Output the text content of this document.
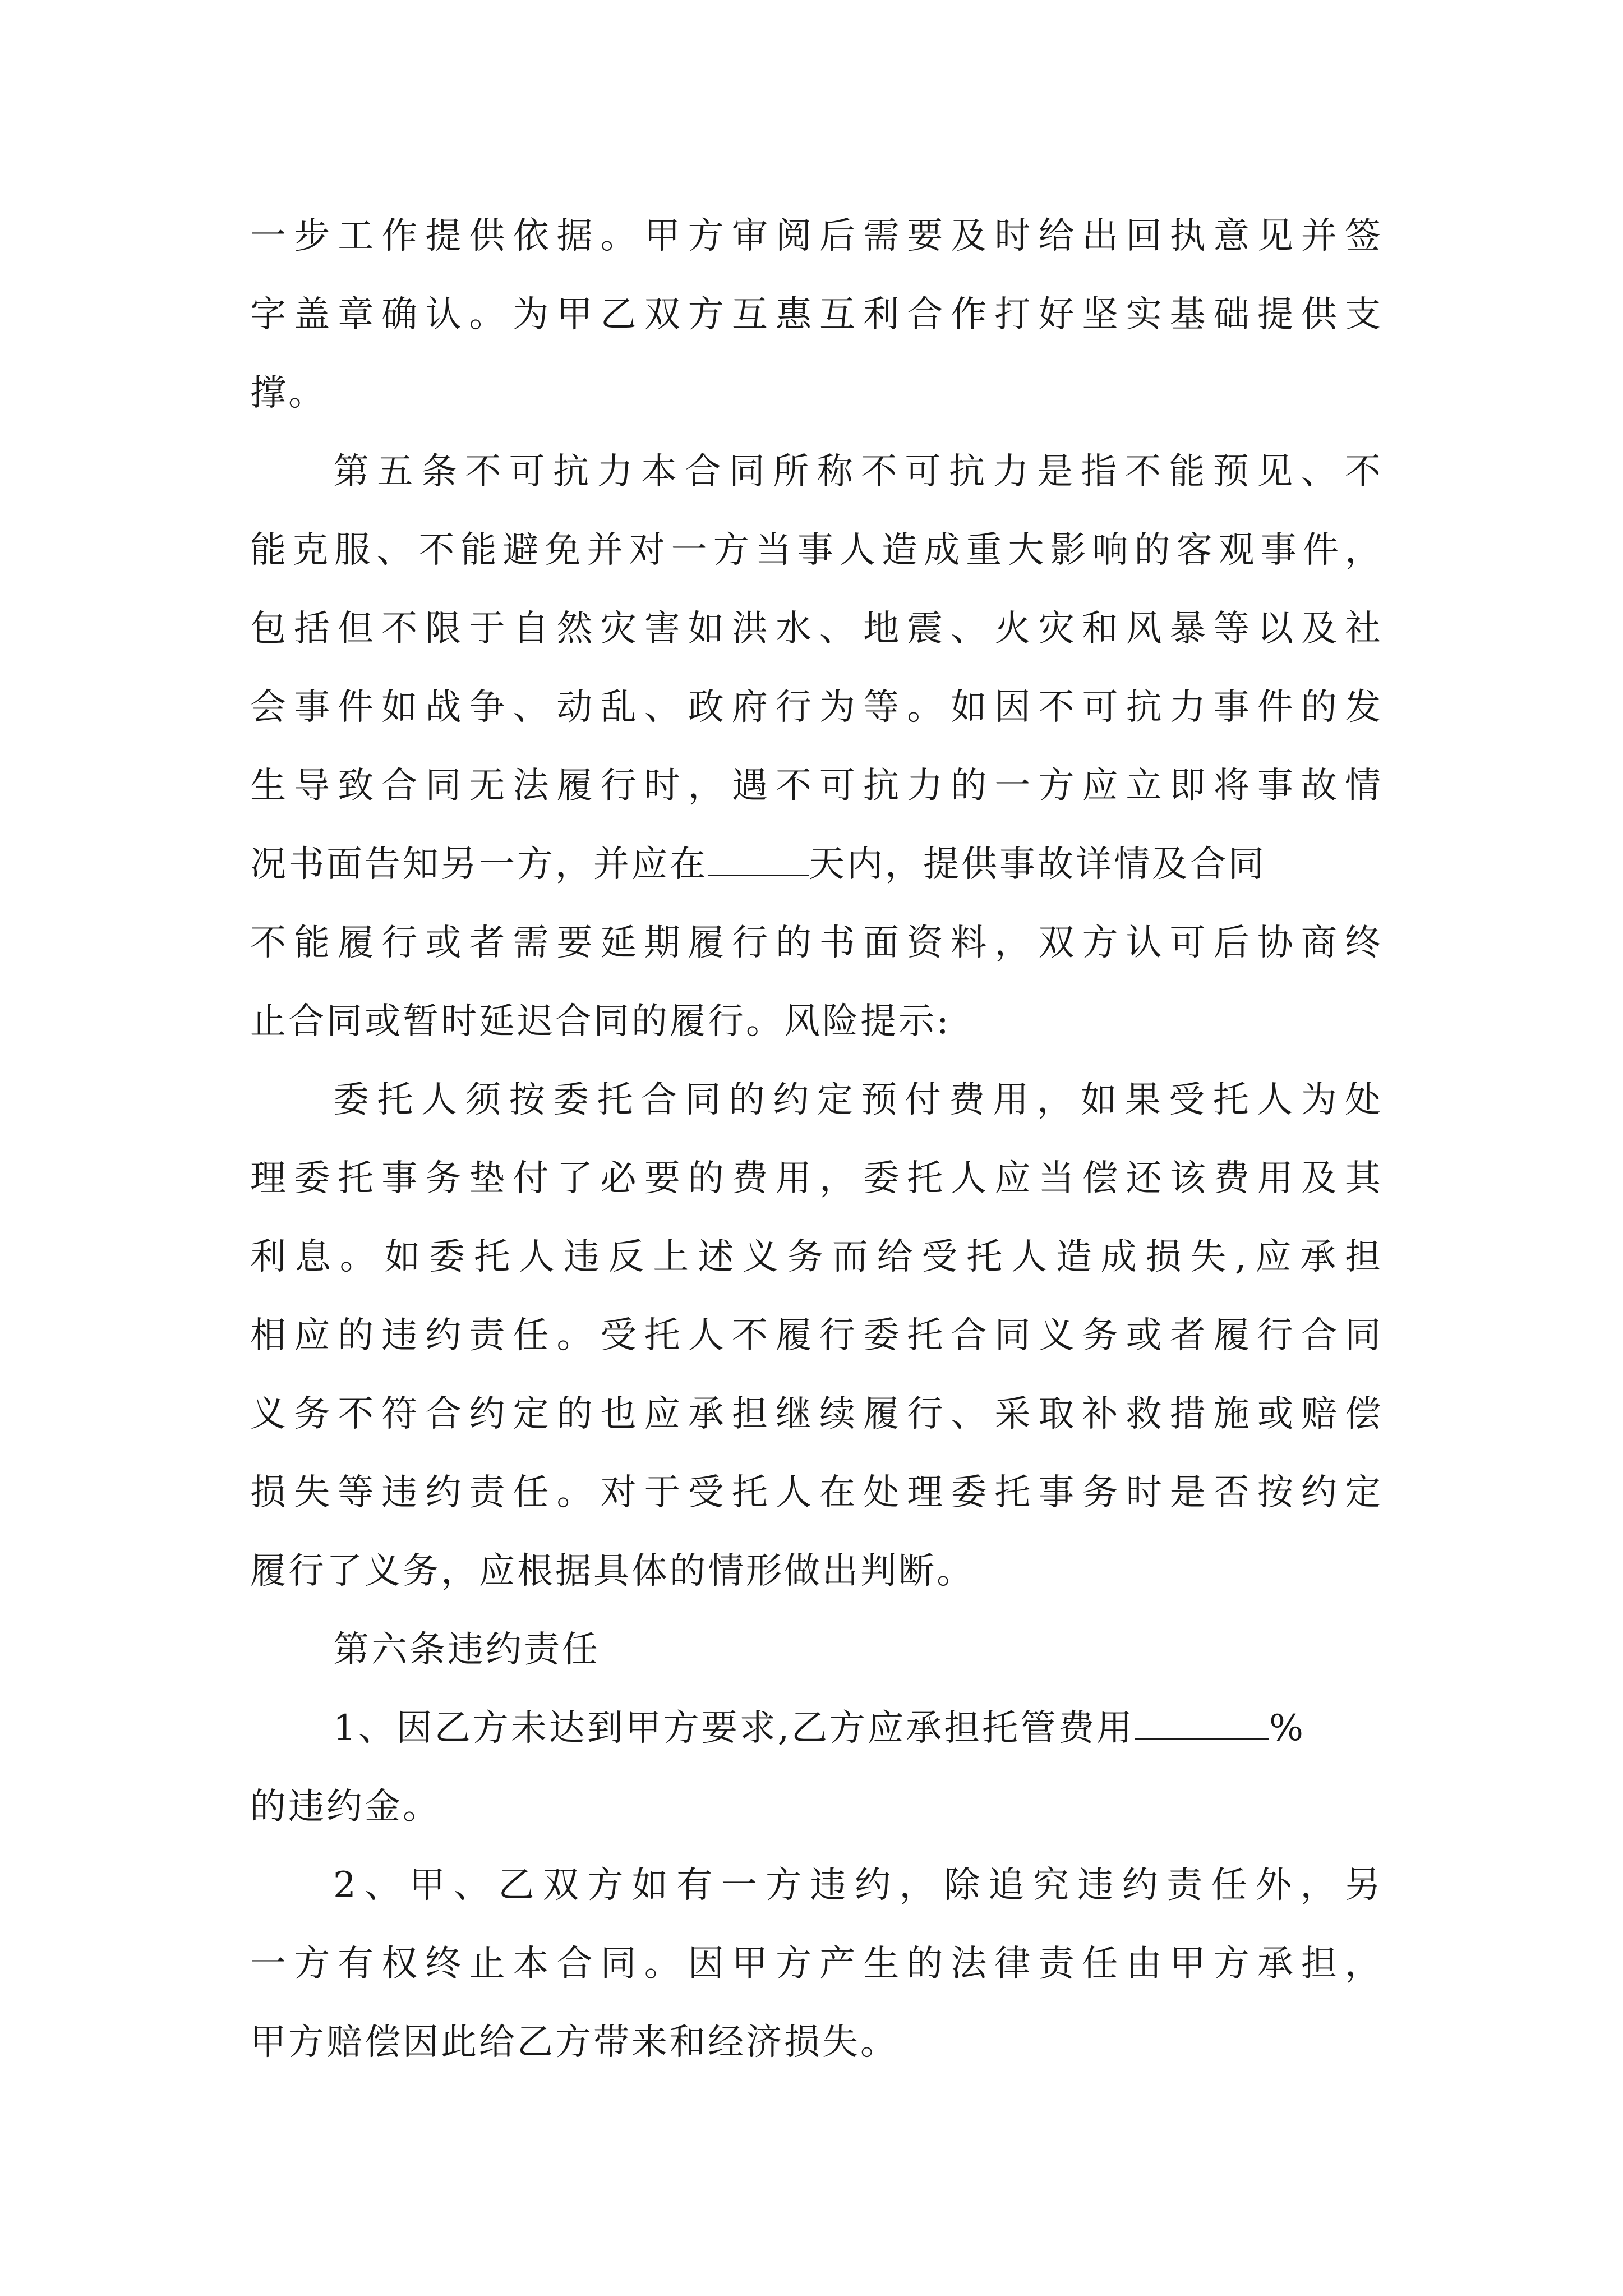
一步工作提供依据。甲方审阅后需要及时给出回执意见并签
字盖章确认。为甲乙双方互惠互利合作打好坚实基础提供支
撑。
第五条不可抗力本合同所称不可抗力是指不能预见、不
能克服、不能避免并对一方当事人造成重大影响的客观事件，
包括但不限于自然灾害如洪水、地震、火灾和风暴等以及社
会事件如战争、动乱、政府行为等。如因不可抗力事件的发
生导致合同无法履行时，遇不可抗力的一方应立即将事故情
况书面告知另一方，并应在	天内，提供事故详情及合同
不能履行或者需要延期履行的书面资料，双方认可后协商终
止合同或暂时延迟合同的履行。风险提示:
委托人须按委托合同的约定预付费用，如果受托人为处
理委托事务垫付了必要的费用，委托人应当偿还该费用及其
利息。如委托人违反上述义务而给受托人造成损失,应承担
相应的违约责任。受托人不履行委托合同义务或者履行合同
义务不符合约定的也应承担继续履行、采取补救措施或赔偿
损失等违约责任。对于受托人在处理委托事务时是否按约定
履行了义务，应根据具体的情形做出判断。
第六条违约责任
1、因乙方未达到甲方要求,乙方应承担托管费用	%
的违约金。
2、甲、乙双方如有一方违约，除追究违约责任外，另
一方有权终止本合同。因甲方产生的法律责任由甲方承担，
甲方赔偿因此给乙方带来和经济损失。
